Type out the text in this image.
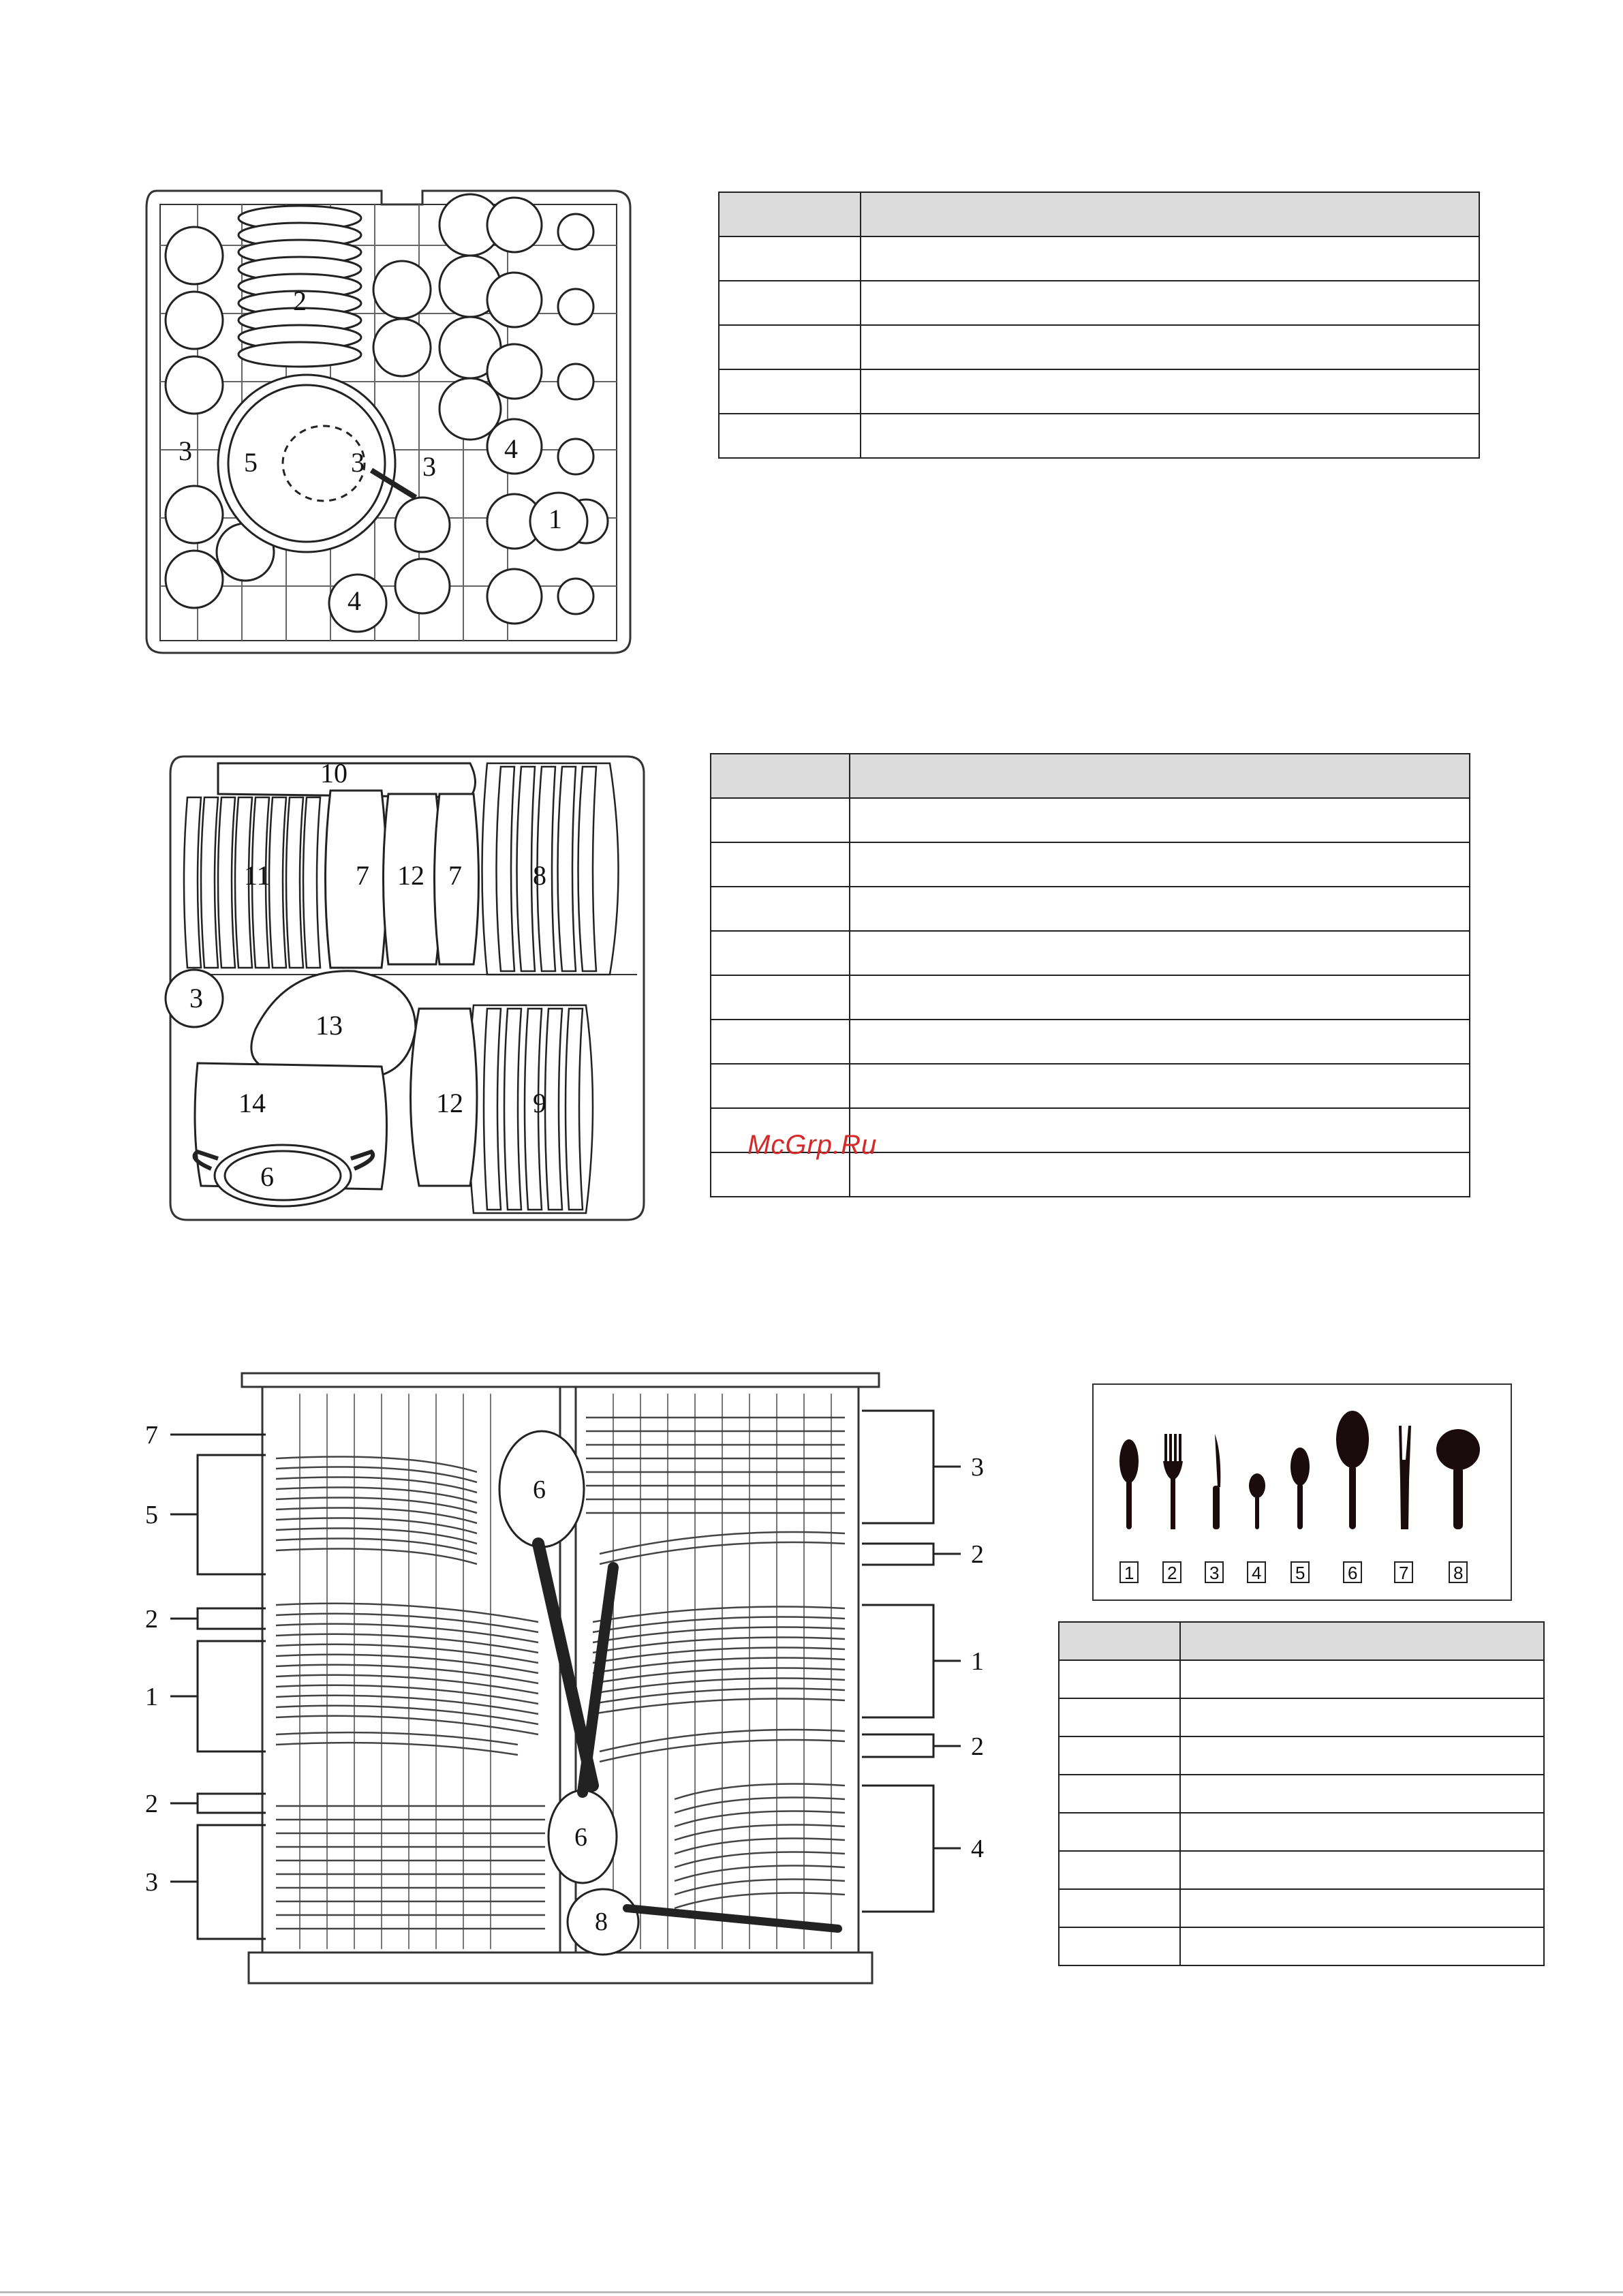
2
3 5	3 3
4
1
4

10
11	7 12 7	8
3
13
14	12	9
6

McGrp.Ru
7
5
2
1
2
3
3
2
1
2
4
6
6
8
1 2 3 4 5 6 7	8
